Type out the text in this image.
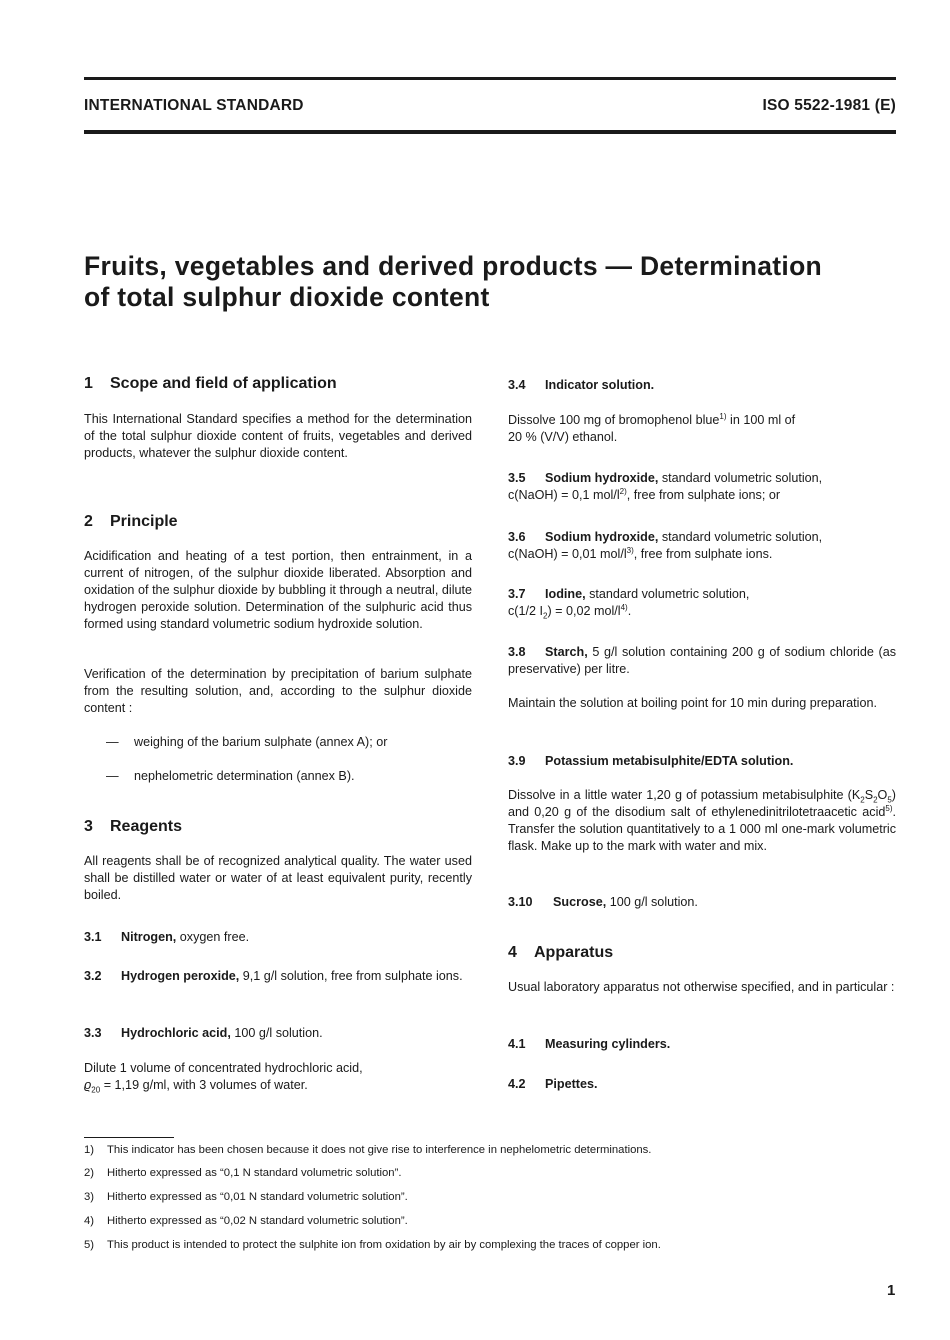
INTERNATIONAL STANDARD	ISO 5522-1981 (E)
Fruits, vegetables and derived products — Determination
of total sulphur dioxide content
1 Scope and field of application

This International Standard specifies a method for the determination of the total sulphur dioxide content of fruits, vegetables and derived products, whatever the sulphur dioxide content.

2 Principle

Acidification and heating of a test portion, then entrainment, in a current of nitrogen, of the sulphur dioxide liberated. Absorption and oxidation of the sulphur dioxide by bubbling it through a neutral, dilute hydrogen peroxide solution. Determination of the sulphuric acid thus formed using standard volumetric sodium hydroxide solution.

Verification of the determination by precipitation of barium sulphate from the resulting solution, and, according to the sulphur dioxide content :

— weighing of the barium sulphate (annex A); or
— nephelometric determination (annex B).
3 Reagents

All reagents shall be of recognized analytical quality. The water used shall be distilled water or water of at least equivalent purity, recently boiled.

3.1 Nitrogen, oxygen free.

3.2 Hydrogen peroxide, 9,1 g/l solution, free from sulphate ions.

3.3 Hydrochloric acid, 100 g/l solution.

Dilute 1 volume of concentrated hydrochloric acid,

$ϱ_{20} = 1,19$ g/ml, with 3 volumes of water.

3.4 Indicator solution.

Dissolve 100 mg of bromophenol blue$^{1)}$ in 100 ml of

20 % (V/V) ethanol.

3.5 Sodium hydroxide, standard volumetric solution,

c(NaOH) = 0,1 mol/$l^{2)}$, free from sulphate ions; or

3.6 Sodium hydroxide, standard volumetric solution,

c(NaOH) = 0,01 mol/$l^{3)}$, free from sulphate ions.

3.7 Iodine, standard volumetric solution,

c(1/2 $I_2) = 0,02$ mol/$l^{4)}$.

3.8 Starch, 5 g/l solution containing 200 g of sodium chloride (as preservative) per litre.

Maintain the solution at boiling point for 10 min during preparation.

3.9 Potassium metabisulphite/EDTA solution.

Dissolve in a little water 1,20 g of potassium metabisulphite $(K_2S_2O_5)$ and 0,20 g of the disodium salt of ethylenedinitrilotetraacetic acid$^{5)}$. Transfer the solution quantitatively to a 1 000 ml one-mark volumetric flask. Make up to the mark with water and mix.

3.10 Sucrose, 100 g/l solution.

4 Apparatus

Usual laboratory apparatus not otherwise specified, and in particular :

4.1 Measuring cylinders.

4.2 Pipettes.

1) This indicator has been chosen because it does not give rise to interference in nephelometric determinations.
2) Hitherto expressed as “0,1 N standard volumetric solution”.
3) Hitherto expressed as “0,01 N standard volumetric solution”.
4) Hitherto expressed as “0,02 N standard volumetric solution”.
5) This product is intended to protect the sulphite ion from oxidation by air by complexing the traces of copper ion.
1
